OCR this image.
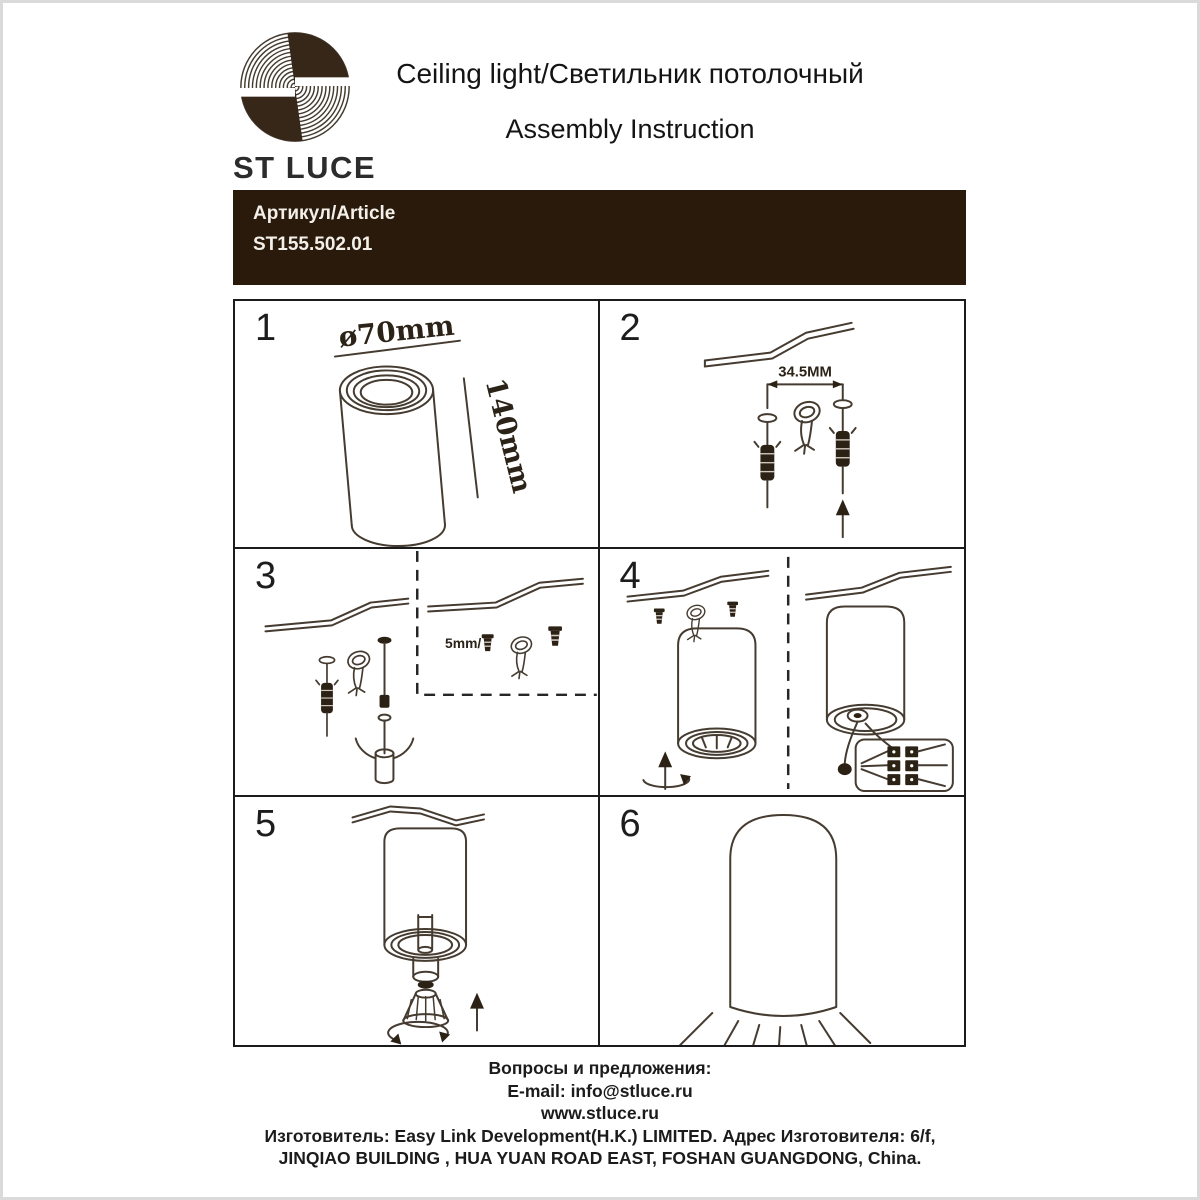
ST LUCE

Ceiling light/Светильник потолочный

Assembly Instruction

Артикул/Article
ST155.502.01
1 ø70mm
140mm
2
34.5MM
3
5mm/
4
5	6
Вопросы и предложения:
E-mail: info@stluce.ru
www.stluce.ru
Изготовитель: Easy Link Development(H.K.) LIMITED. Адрес Изготовителя: 6/f,
JINQIAO BUILDING , HUA YUAN ROAD EAST, FOSHAN GUANGDONG, China.
